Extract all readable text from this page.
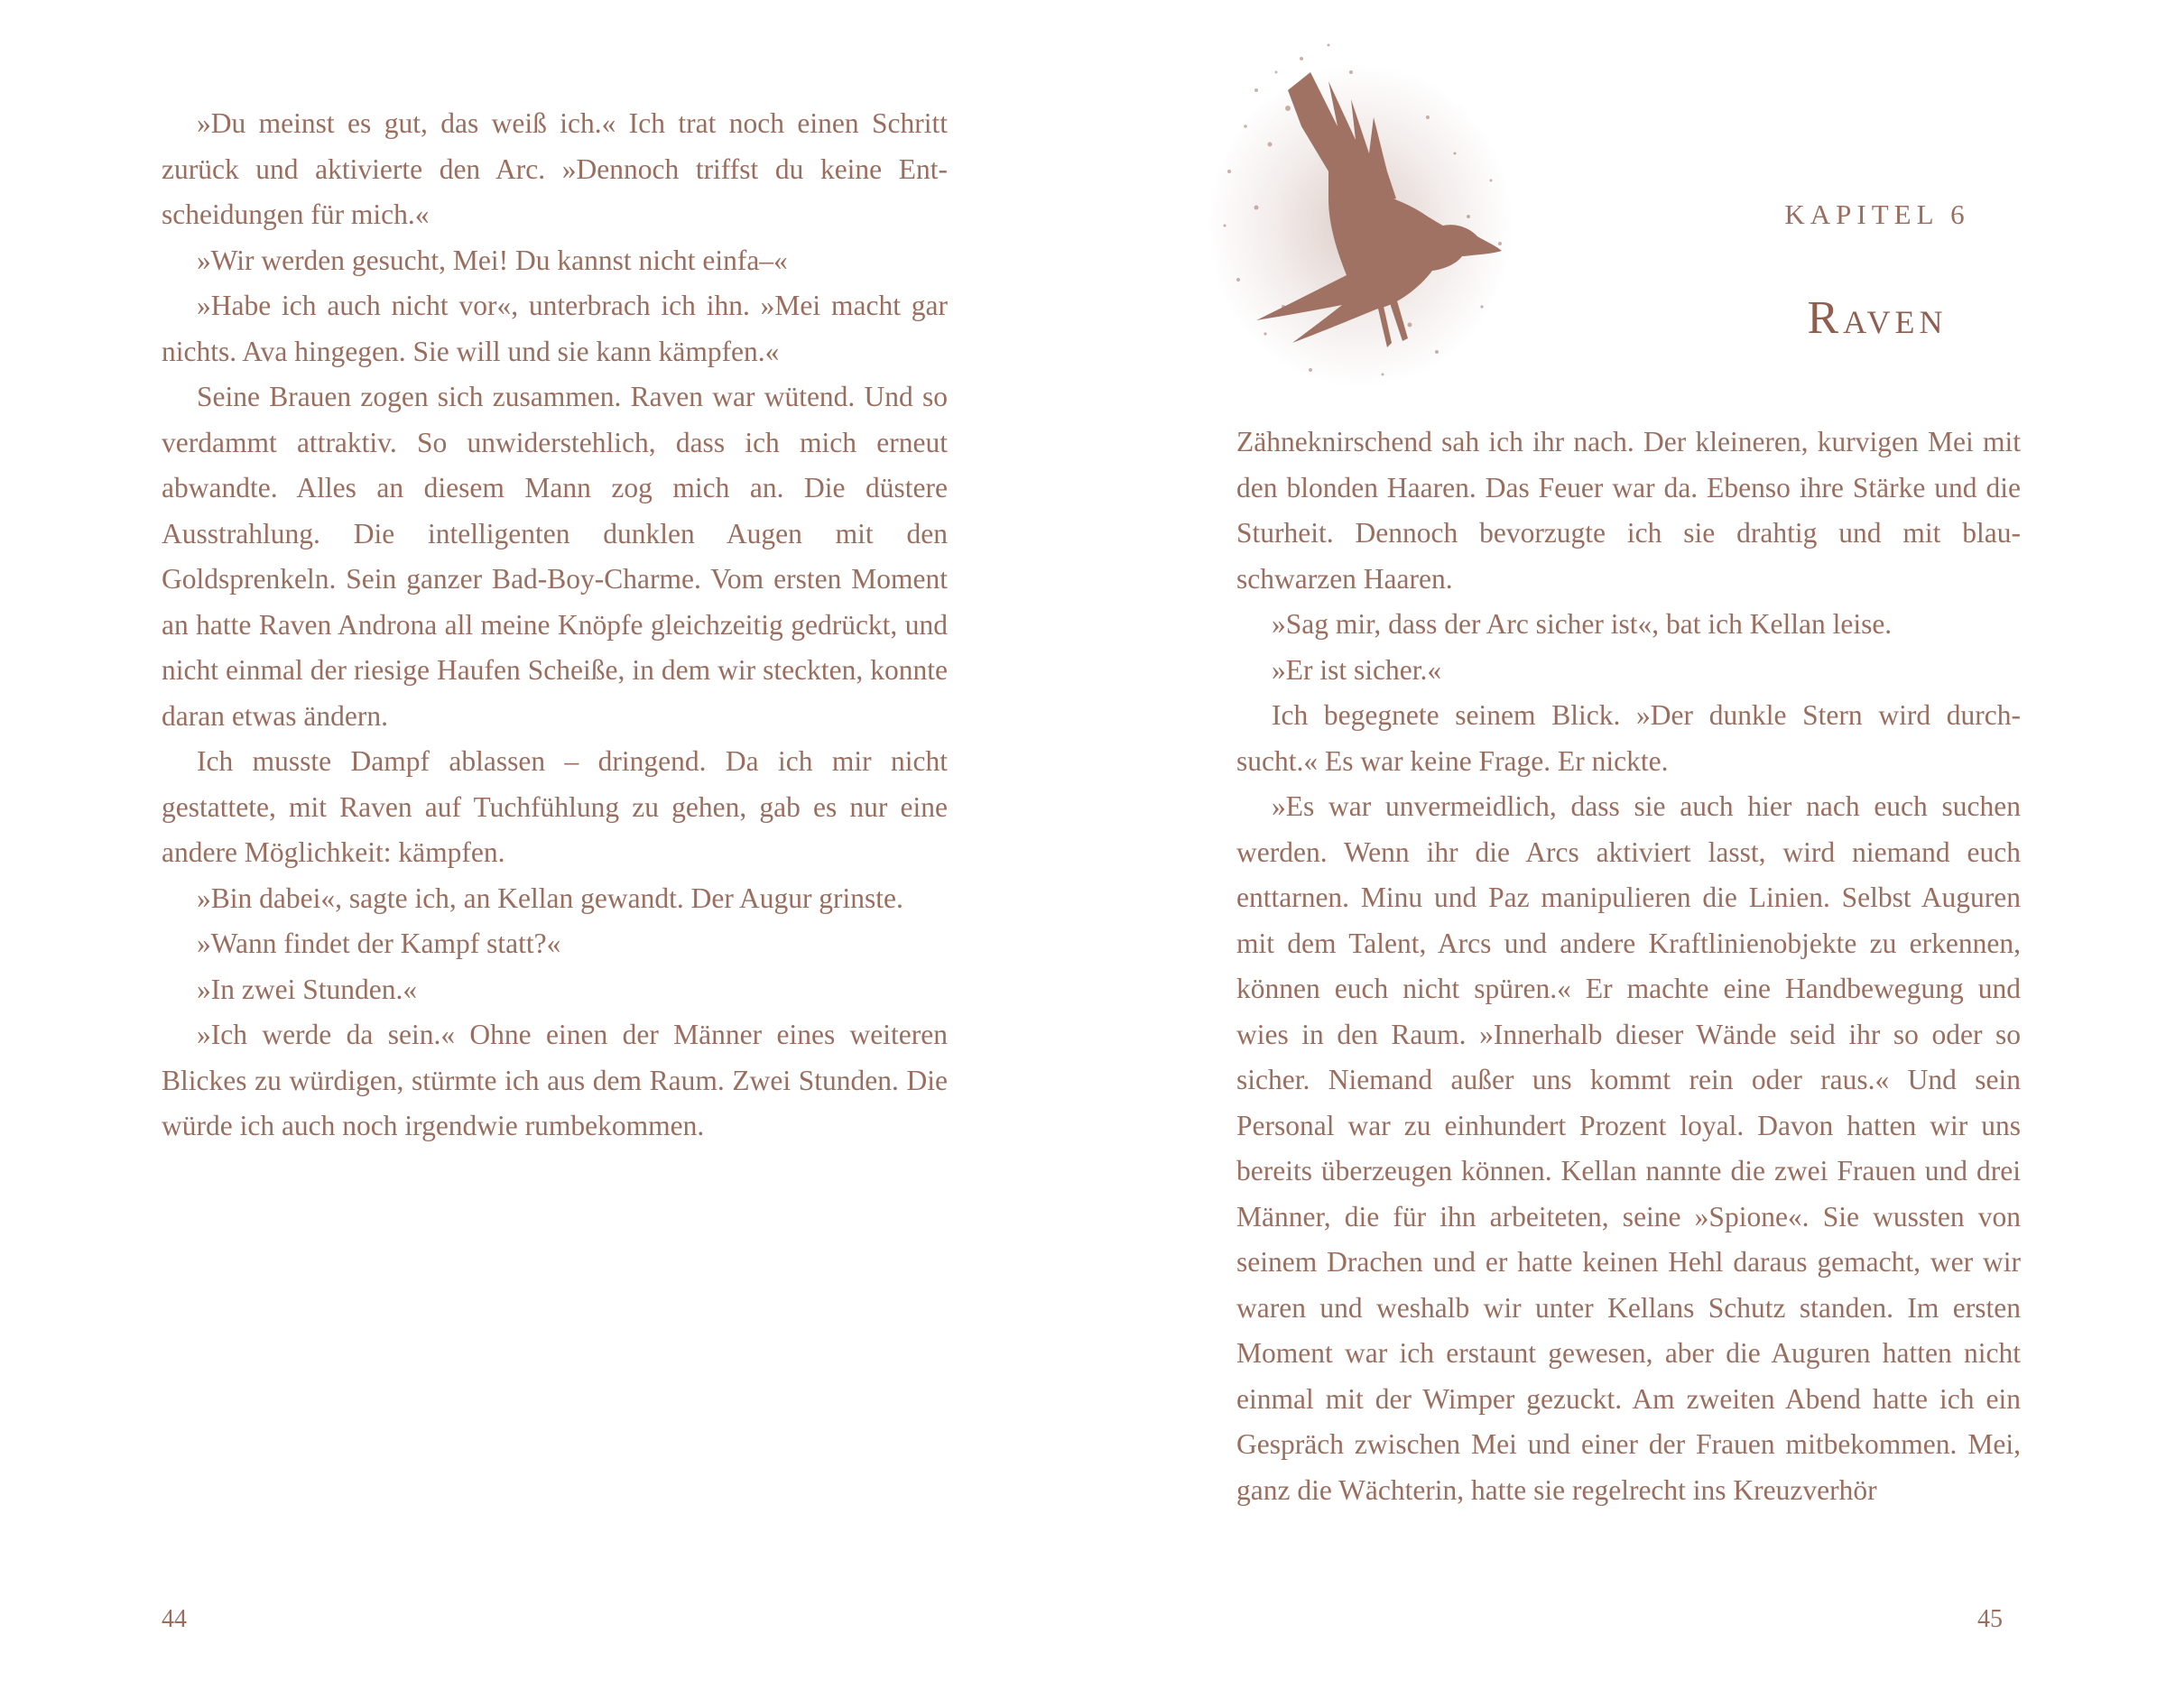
»Du meinst es gut, das weiß ich.« Ich trat noch einen Schritt zurück und aktivierte den Arc. »Dennoch triffst du keine Entscheidungen für mich.«

»Wir werden gesucht, Mei! Du kannst nicht einfa–«

»Habe ich auch nicht vor«, unterbrach ich ihn. »Mei macht gar nichts. Ava hingegen. Sie will und sie kann kämpfen.«

Seine Brauen zogen sich zusammen. Raven war wütend. Und so verdammt attraktiv. So unwiderstehlich, dass ich mich erneut abwandte. Alles an diesem Mann zog mich an. Die düstere Ausstrahlung. Die intelligenten dunklen Augen mit den Goldsprenkeln. Sein ganzer Bad-Boy-Charme. Vom ersten Moment an hatte Raven Androna all meine Knöpfe gleichzeitig gedrückt, und nicht einmal der riesige Haufen Scheiße, in dem wir steckten, konnte daran etwas ändern.

Ich musste Dampf ablassen – dringend. Da ich mir nicht gestattete, mit Raven auf Tuchfühlung zu gehen, gab es nur eine andere Möglichkeit: kämpfen.

»Bin dabei«, sagte ich, an Kellan gewandt. Der Augur grinste.

»Wann findet der Kampf statt?«

»In zwei Stunden.«

»Ich werde da sein.« Ohne einen der Männer eines weiteren Blickes zu würdigen, stürmte ich aus dem Raum. Zwei Stunden. Die würde ich auch noch irgendwie rumbekommen.

44
KAPITEL 6
Raven

Zähneknirschend sah ich ihr nach. Der kleineren, kurvigen Mei mit den blonden Haaren. Das Feuer war da. Ebenso ihre Stärke und die Sturheit. Dennoch bevorzugte ich sie drahtig und mit blau-schwarzen Haaren.

»Sag mir, dass der Arc sicher ist«, bat ich Kellan leise.

»Er ist sicher.«

Ich begegnete seinem Blick. »Der dunkle Stern wird durchsucht.« Es war keine Frage. Er nickte.

»Es war unvermeidlich, dass sie auch hier nach euch suchen werden. Wenn ihr die Arcs aktiviert lasst, wird niemand euch enttarnen. Minu und Paz manipulieren die Linien. Selbst Auguren mit dem Talent, Arcs und andere Kraftlinienobjekte zu erkennen, können euch nicht spüren.« Er machte eine Handbewegung und wies in den Raum. »Innerhalb dieser Wände seid ihr so oder so sicher. Niemand außer uns kommt rein oder raus.« Und sein Personal war zu einhundert Prozent loyal. Davon hatten wir uns bereits überzeugen können. Kellan nannte die zwei Frauen und drei Männer, die für ihn arbeiteten, seine »Spione«. Sie wussten von seinem Drachen und er hatte keinen Hehl daraus gemacht, wer wir waren und weshalb wir unter Kellans Schutz standen. Im ersten Moment war ich erstaunt gewesen, aber die Auguren hatten nicht einmal mit der Wimper gezuckt. Am zweiten Abend hatte ich ein Gespräch zwischen Mei und einer der Frauen mitbekommen. Mei, ganz die Wächterin, hatte sie regelrecht ins Kreuzverhör

45
